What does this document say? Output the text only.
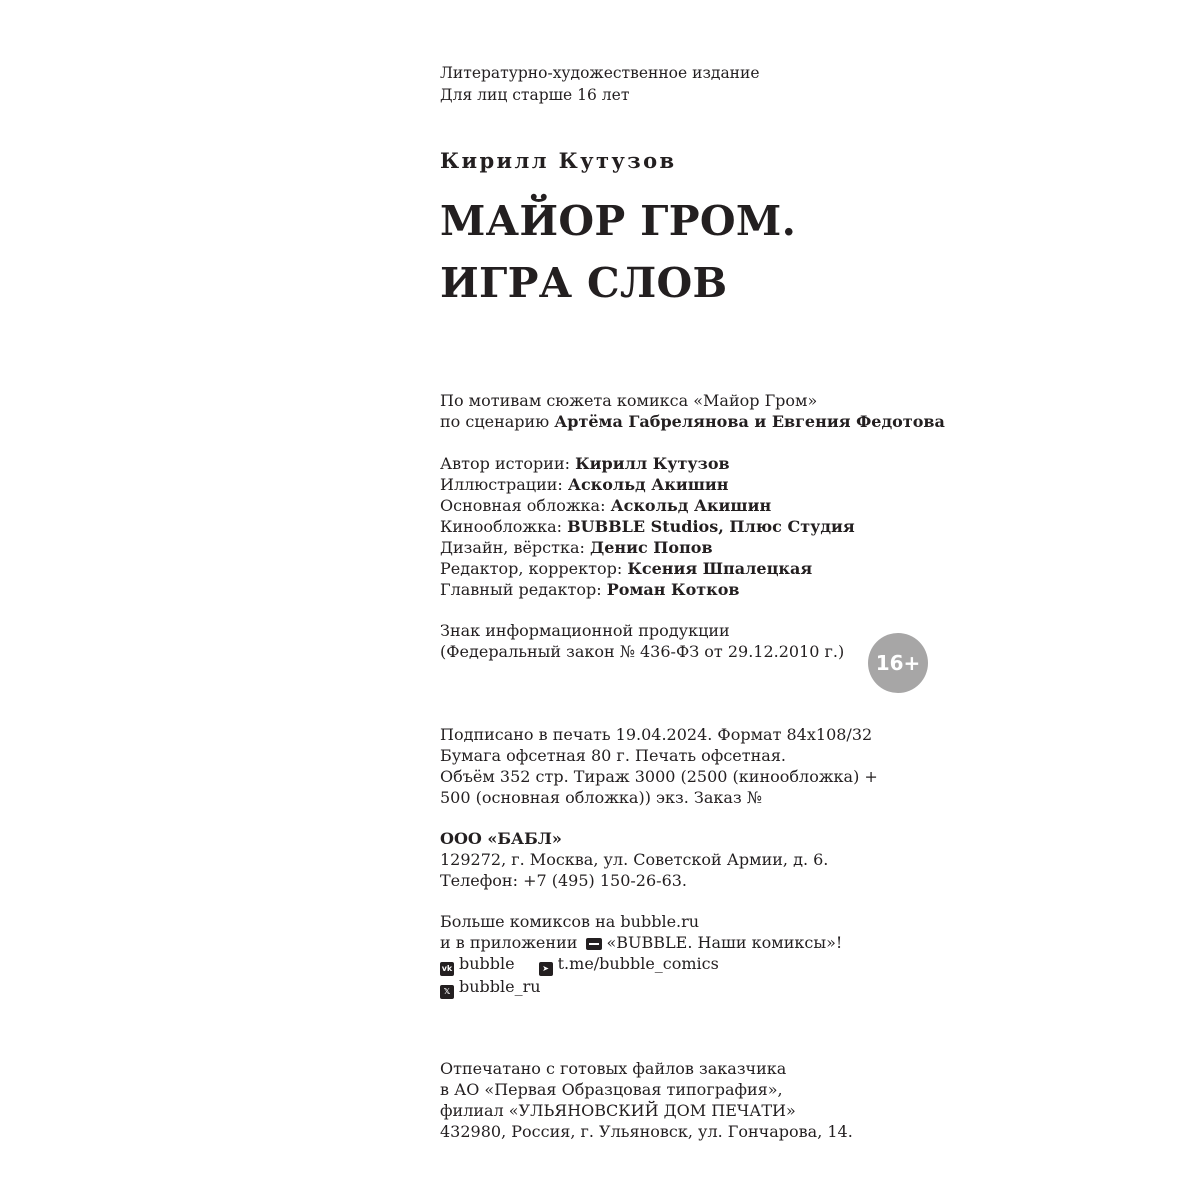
Литературно-художественное издание
Для лиц старше 16 лет
Кирилл Кутузов
МАЙОР ГРОМ.
ИГРА СЛОВ
По мотивам сюжета комикса «Майор Гром»
по сценарию Артёма Габрелянова и Евгения Федотова
Автор истории: Кирилл Кутузов
Иллюстрации: Аскольд Акишин
Основная обложка: Аскольд Акишин
Кинообложка: BUBBLE Studios, Плюс Студия
Дизайн, вёрстка: Денис Попов
Редактор, корректор: Ксения Шпалецкая
Главный редактор: Роман Котков
Знак информационной продукции
(Федеральный закон № 436-ФЗ от 29.12.2010 г.)	16+
Подписано в печать 19.04.2024. Формат 84x108/32
Бумага офсетная 80 г. Печать офсетная.
Объём 352 стр. Тираж 3000 (2500 (кинообложка) +
500 (основная обложка)) экз. Заказ №
ООО «БАБЛ»
129272, г. Москва, ул. Советской Армии, д. 6.
Телефон: +7 (495) 150-26-63.
Больше комиксов на bubble.ru
и в приложении «BUBBLE. Наши комиксы»!
vk bubble	➤ t.me/bubble_comics
𝕏 bubble_ru
Отпечатано с готовых файлов заказчика
в АО «Первая Образцовая типография»,
филиал «УЛЬЯНОВСКИЙ ДОМ ПЕЧАТИ»
432980, Россия, г. Ульяновск, ул. Гончарова, 14.
